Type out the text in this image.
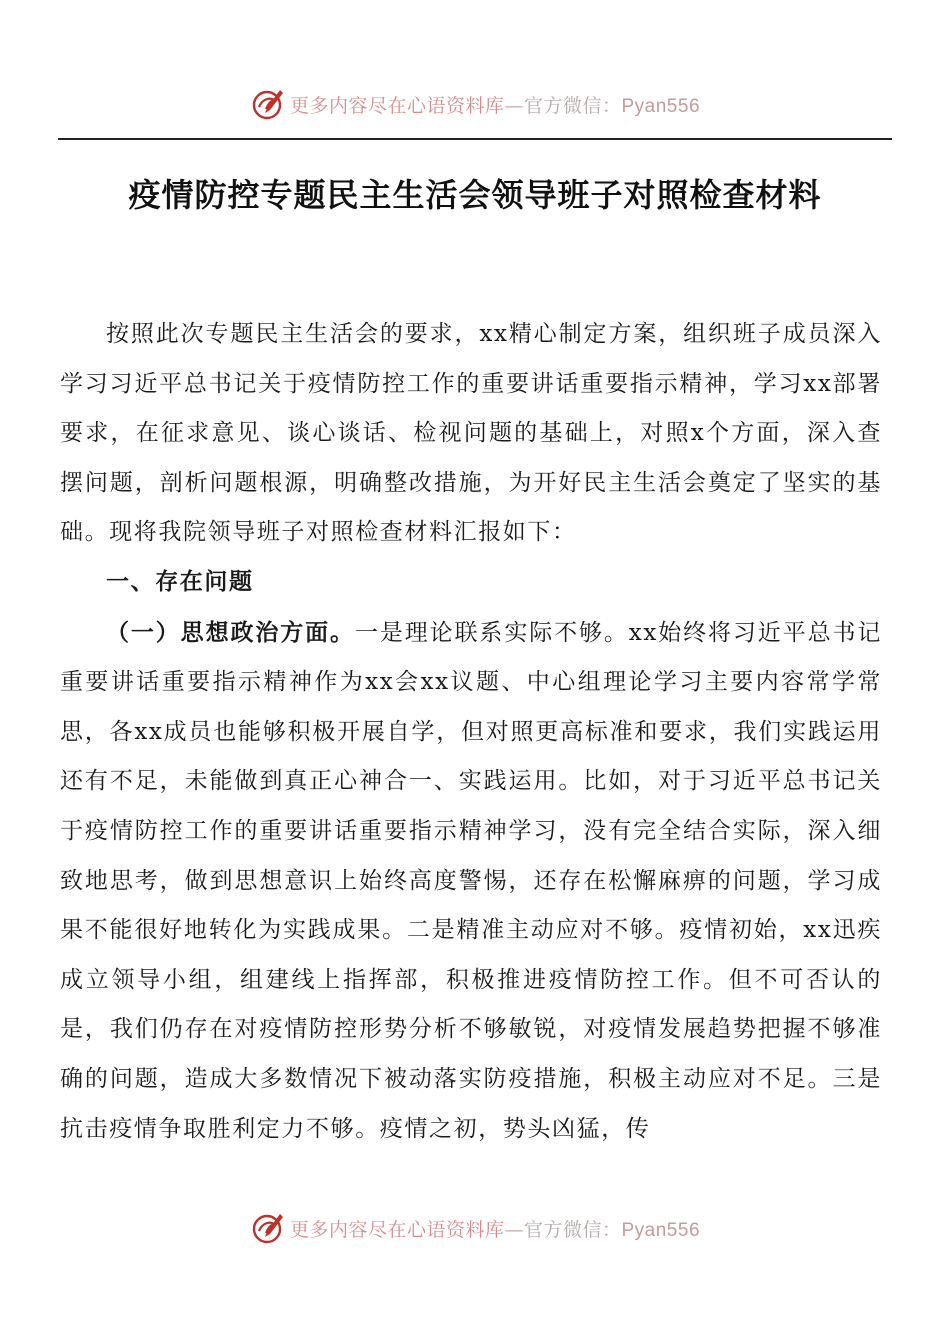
更多内容尽在心语资料库—官方微信：Pyan556
疫情防控专题民主生活会领导班子对照检查材料

按照此次专题民主生活会的要求，xx精心制定方案，组织班子成员深入学习习近平总书记关于疫情防控工作的重要讲话重要指示精神，学习xx部署要求，在征求意见、谈心谈话、检视问题的基础上，对照x个方面，深入查摆问题，剖析问题根源，明确整改措施，为开好民主生活会奠定了坚实的基础。现将我院领导班子对照检查材料汇报如下：

一、存在问题

（一）思想政治方面。一是理论联系实际不够。xx始终将习近平总书记重要讲话重要指示精神作为xx会xx议题、中心组理论学习主要内容常学常思，各xx成员也能够积极开展自学，但对照更高标准和要求，我们实践运用还有不足，未能做到真正心神合一、实践运用。比如，对于习近平总书记关于疫情防控工作的重要讲话重要指示精神学习，没有完全结合实际，深入细致地思考，做到思想意识上始终高度警惕，还存在松懈麻痹的问题，学习成果不能很好地转化为实践成果。二是精准主动应对不够。疫情初始，xx迅疾成立领导小组，组建线上指挥部，积极推进疫情防控工作。但不可否认的是，我们仍存在对疫情防控形势分析不够敏锐，对疫情发展趋势把握不够准确的问题，造成大多数情况下被动落实防疫措施，积极主动应对不足。三是抗击疫情争取胜利定力不够。疫情之初，势头凶猛，传

更多内容尽在心语资料库—官方微信：Pyan556
